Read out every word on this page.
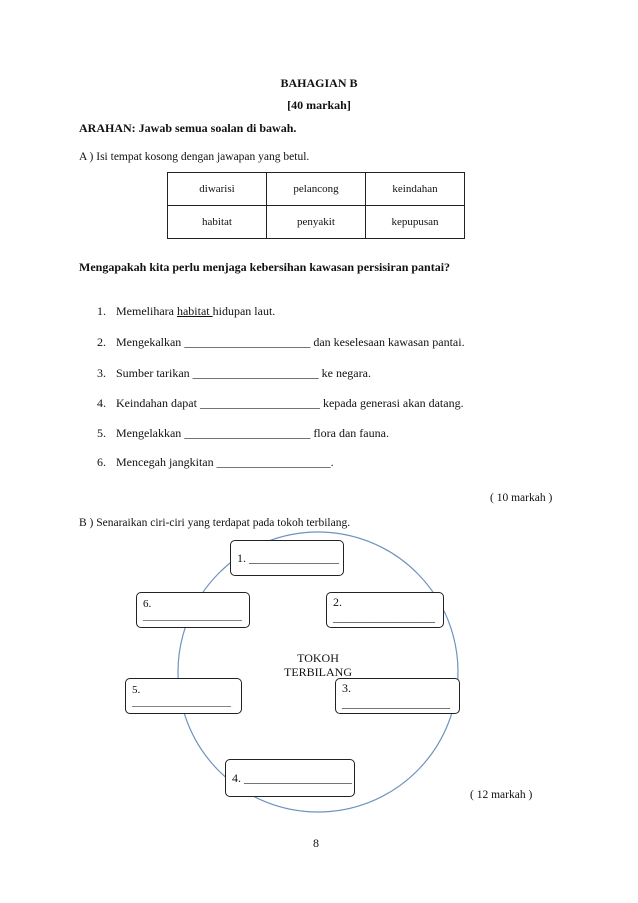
BAHAGIAN B
[40 markah]
ARAHAN: Jawab semua soalan di bawah.
A ) Isi tempat kosong dengan jawapan yang betul.
diwarisi	pelancong	keindahan
habitat	penyakit	kepupusan
Mengapakah kita perlu menjaga kebersihan kawasan persisiran pantai?
1. Memelihara habitat hidupan laut.
2. Mengekalkan _____________________ dan keselesaan kawasan pantai.
3. Sumber tarikan _____________________ ke negara.
4. Keindahan dapat ____________________ kepada generasi akan datang.
5. Mengelakkan _____________________ flora dan fauna.
6. Mencegah jangkitan ___________________.
( 10 markah )
B ) Senaraikan ciri-ciri yang terdapat pada tokoh terbilang.
1. _______________
2. _________________
3. __________________
4. __________________
5. __________________
6. __________________
TOKOH
TERBILANG
( 12 markah )
8
